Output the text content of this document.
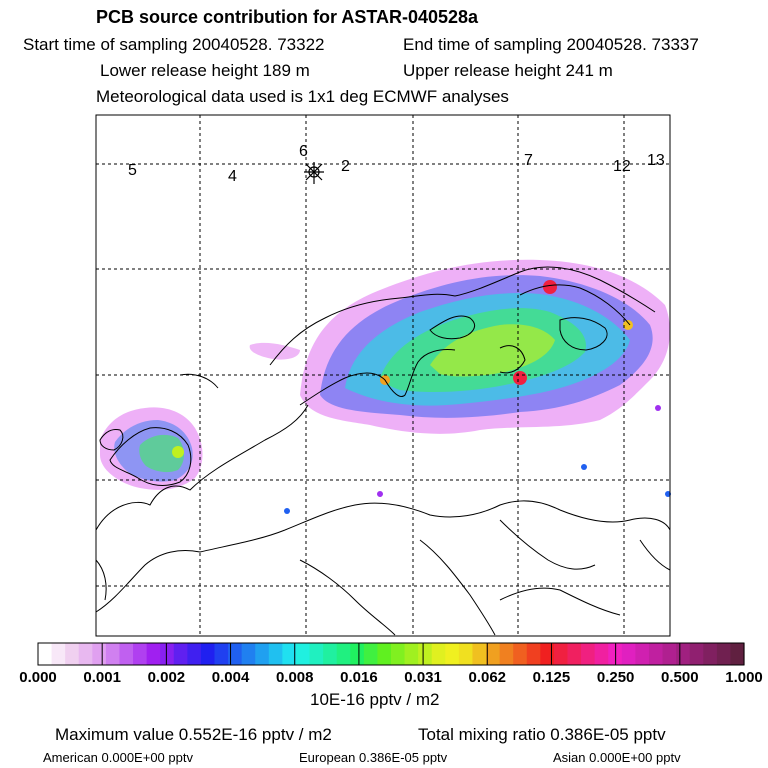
PCB source contribution for ASTAR-040528a
Start time of sampling 20040528. 73322	End time of sampling 20040528. 73337
Lower release height 189 m	Upper release height 241 m
Meteorological data used is 1x1 deg ECMWF analyses
5	4
6
2	7	12 13
0.000 0.001 0.002 0.004 0.008 0.016 0.031 0.062 0.125 0.250 0.500 1.000
10E-16 pptv / m2
Maximum value 0.552E-16 pptv / m2	Total mixing ratio 0.386E-05 pptv
American 0.000E+00 pptv	European 0.386E-05 pptv	Asian 0.000E+00 pptv
